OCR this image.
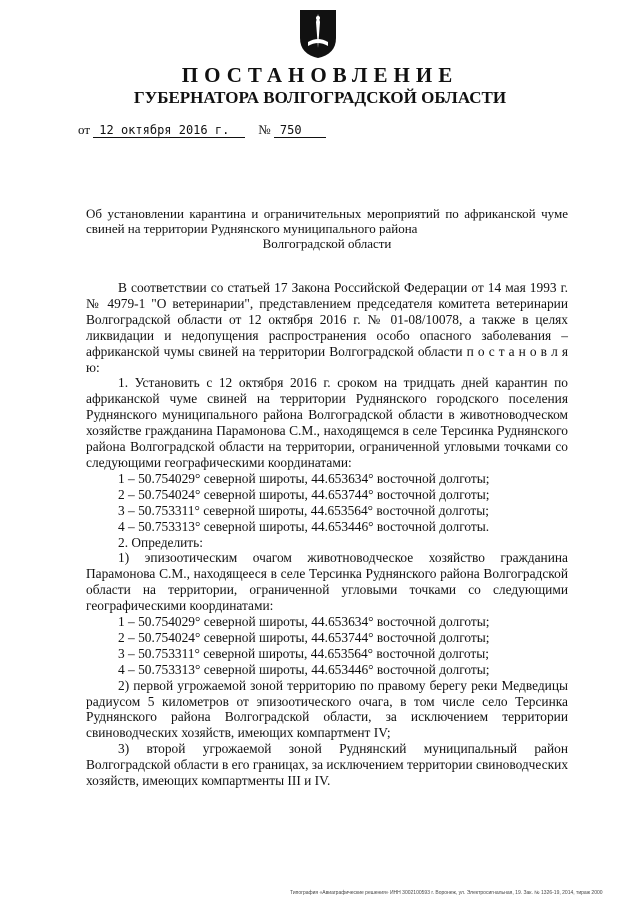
ПОСТАНОВЛЕНИЕ
ГУБЕРНАТОРА ВОЛГОГРАДСКОЙ ОБЛАСТИ
от 12 октября 2016 г. № 750
Об установлении карантина и ограничительных мероприятий по африканской чуме свиней на территории Руднянского муниципального района
Волгоградской области

В соответствии со статьей 17 Закона Российской Федерации от 14 мая 1993 г. № 4979-1 "О ветеринарии", представлением председателя комитета ветеринарии Волгоградской области от 12 октября 2016 г. № 01-08/10078, а также в целях ликвидации и недопущения распространения особо опасного заболевания – африканской чумы свиней на территории Волгоградской области п о с т а н о в л я ю:

1. Установить с 12 октября 2016 г. сроком на тридцать дней карантин по африканской чуме свиней на территории Руднянского городского поселения Руднянского муниципального района Волгоградской области в животноводческом хозяйстве гражданина Парамонова С.М., находящемся в селе Терсинка Руднянского района Волгоградской области на территории, ограниченной угловыми точками со следующими географическими координатами:

1 – 50.754029° северной широты, 44.653634° восточной долготы;

2 – 50.754024° северной широты, 44.653744° восточной долготы;

3 – 50.753311° северной широты, 44.653564° восточной долготы;

4 – 50.753313° северной широты, 44.653446° восточной долготы.

2. Определить:

1) эпизоотическим очагом животноводческое хозяйство гражданина Парамонова С.М., находящееся в селе Терсинка Руднянского района Волгоградской области на территории, ограниченной угловыми точками со следующими географическими координатами:

1 – 50.754029° северной широты, 44.653634° восточной долготы;

2 – 50.754024° северной широты, 44.653744° восточной долготы;

3 – 50.753311° северной широты, 44.653564° восточной долготы;

4 – 50.753313° северной широты, 44.653446° восточной долготы;

2) первой угрожаемой зоной территорию по правому берегу реки Медведицы радиусом 5 километров от эпизоотического очага, в том числе село Терсинка Руднянского района Волгоградской области, за исключением территории свиноводческих хозяйств, имеющих компартмент IV;

3) второй угрожаемой зоной Руднянский муниципальный район Волгоградской области в его границах, за исключением территории свиноводческих хозяйств, имеющих компартменты III и IV.

Типография «Авиаграфические решения» ИНН 3002100593 г. Воронеж, ул. Электросигнальная, 19. Зак. № 1326-19, 2014, тираж 2000
